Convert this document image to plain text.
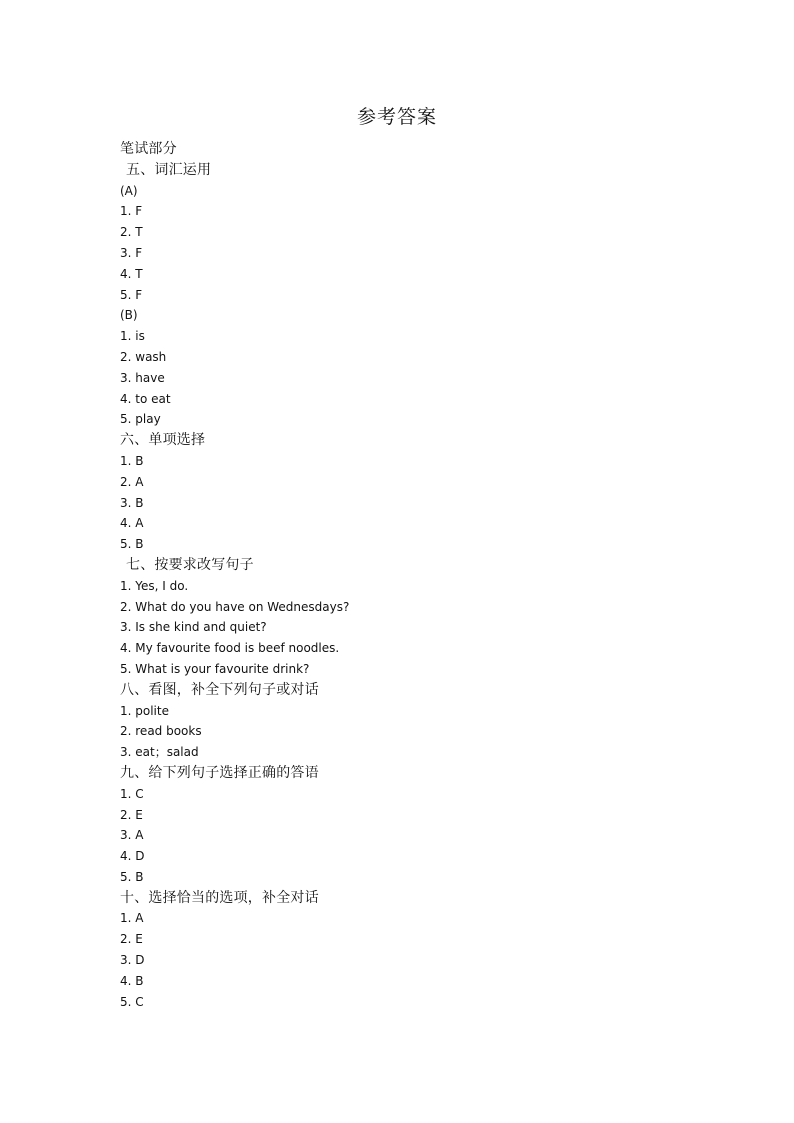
参考答案
笔试部分
五、词汇运用
(A)
1. F
2. T
3. F
4. T
5. F
(B)
1. is
2. wash
3. have
4. to eat
5. play
六、单项选择
1. B
2. A
3. B
4. A
5. B
七、按要求改写句子
1. Yes, I do.
2. What do you have on Wednesdays?
3. Is she kind and quiet?
4. My favourite food is beef noodles.
5. What is your favourite drink?
八、看图，补全下列句子或对话
1. polite
2. read books
3. eat；salad
九、给下列句子选择正确的答语
1. C
2. E
3. A
4. D
5. B
十、选择恰当的选项，补全对话
1. A
2. E
3. D
4. B
5. C
